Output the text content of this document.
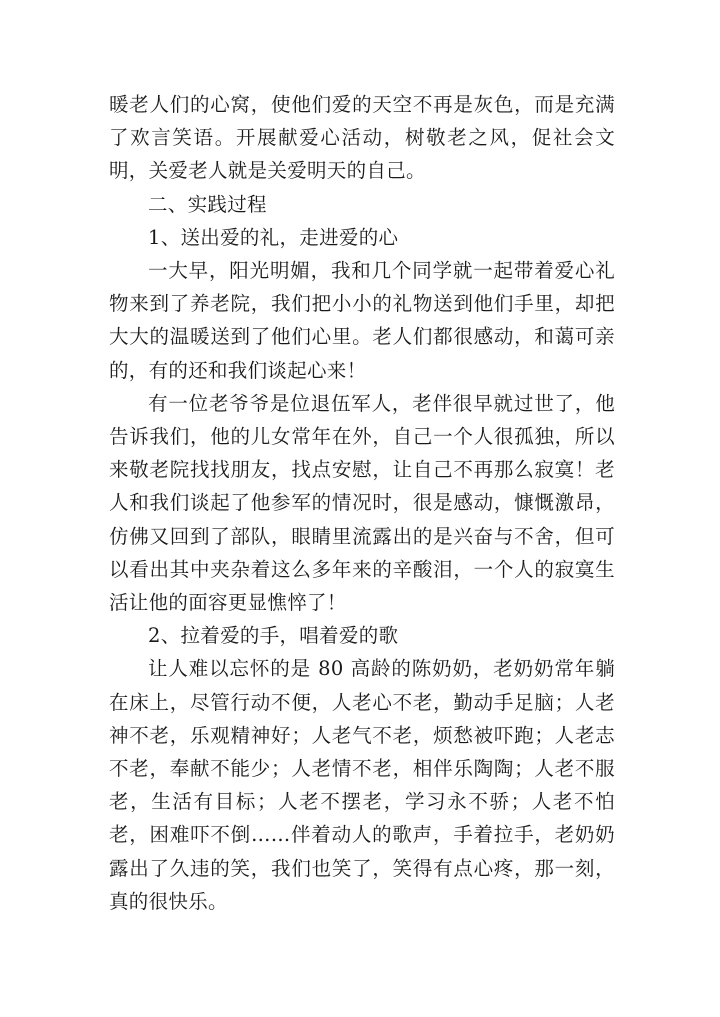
暖老人们的心窝，使他们爱的天空不再是灰色，而是充满了欢言笑语。开展献爱心活动，树敬老之风，促社会文明，关爱老人就是关爱明天的自己。

二、实践过程

1、送出爱的礼，走进爱的心

一大早，阳光明媚，我和几个同学就一起带着爱心礼物来到了养老院，我们把小小的礼物送到他们手里，却把大大的温暖送到了他们心里。老人们都很感动，和蔼可亲的，有的还和我们谈起心来！

有一位老爷爷是位退伍军人，老伴很早就过世了，他告诉我们，他的儿女常年在外，自己一个人很孤独，所以来敬老院找找朋友，找点安慰，让自己不再那么寂寞！老人和我们谈起了他参军的情况时，很是感动，慷慨激昂，仿佛又回到了部队，眼睛里流露出的是兴奋与不舍，但可以看出其中夹杂着这么多年来的辛酸泪，一个人的寂寞生活让他的面容更显憔悴了！

2、拉着爱的手，唱着爱的歌

让人难以忘怀的是 80 高龄的陈奶奶，老奶奶常年躺在床上，尽管行动不便，人老心不老，勤动手足脑；人老神不老，乐观精神好；人老气不老，烦愁被吓跑；人老志不老，奉献不能少；人老情不老，相伴乐陶陶；人老不服老，生活有目标；人老不摆老，学习永不骄；人老不怕老，困难吓不倒……伴着动人的歌声，手着拉手，老奶奶露出了久违的笑，我们也笑了，笑得有点心疼，那一刻，真的很快乐。
